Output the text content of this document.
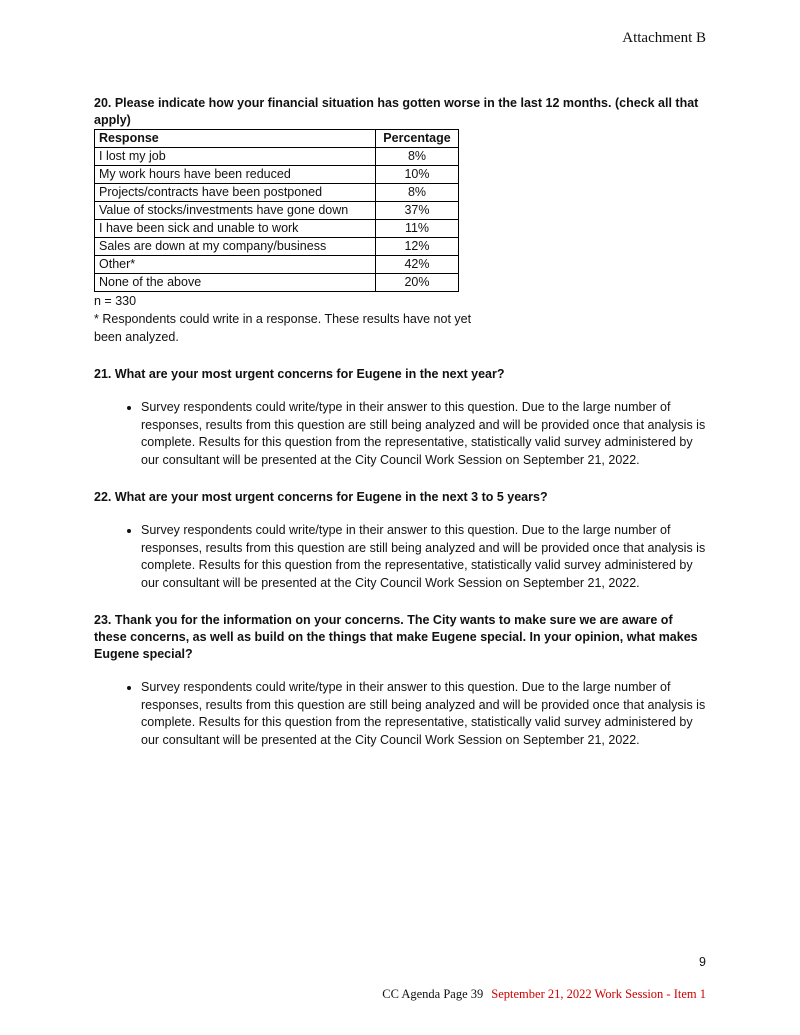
Attachment B

20. Please indicate how your financial situation has gotten worse in the last 12 months. (check all that apply)

Response	Percentage
I lost my job	8%
My work hours have been reduced	10%
Projects/contracts have been postponed	8%
Value of stocks/investments have gone down	37%
I have been sick and unable to work	11%
Sales are down at my company/business	12%
Other*	42%
None of the above	20%

n = 330

* Respondents could write in a response. These results have not yet been analyzed.

21. What are your most urgent concerns for Eugene in the next year?

• Survey respondents could write/type in their answer to this question. Due to the large number of responses, results from this question are still being analyzed and will be provided once that analysis is complete. Results for this question from the representative, statistically valid survey administered by our consultant will be presented at the City Council Work Session on September 21, 2022.

22. What are your most urgent concerns for Eugene in the next 3 to 5 years?

• Survey respondents could write/type in their answer to this question. Due to the large number of responses, results from this question are still being analyzed and will be provided once that analysis is complete. Results for this question from the representative, statistically valid survey administered by our consultant will be presented at the City Council Work Session on September 21, 2022.

23. Thank you for the information on your concerns. The City wants to make sure we are aware of these concerns, as well as build on the things that make Eugene special. In your opinion, what makes Eugene special?

• Survey respondents could write/type in their answer to this question. Due to the large number of responses, results from this question are still being analyzed and will be provided once that analysis is complete. Results for this question from the representative, statistically valid survey administered by our consultant will be presented at the City Council Work Session on September 21, 2022.
9
CC Agenda Page 39 September 21, 2022 Work Session - Item 1
